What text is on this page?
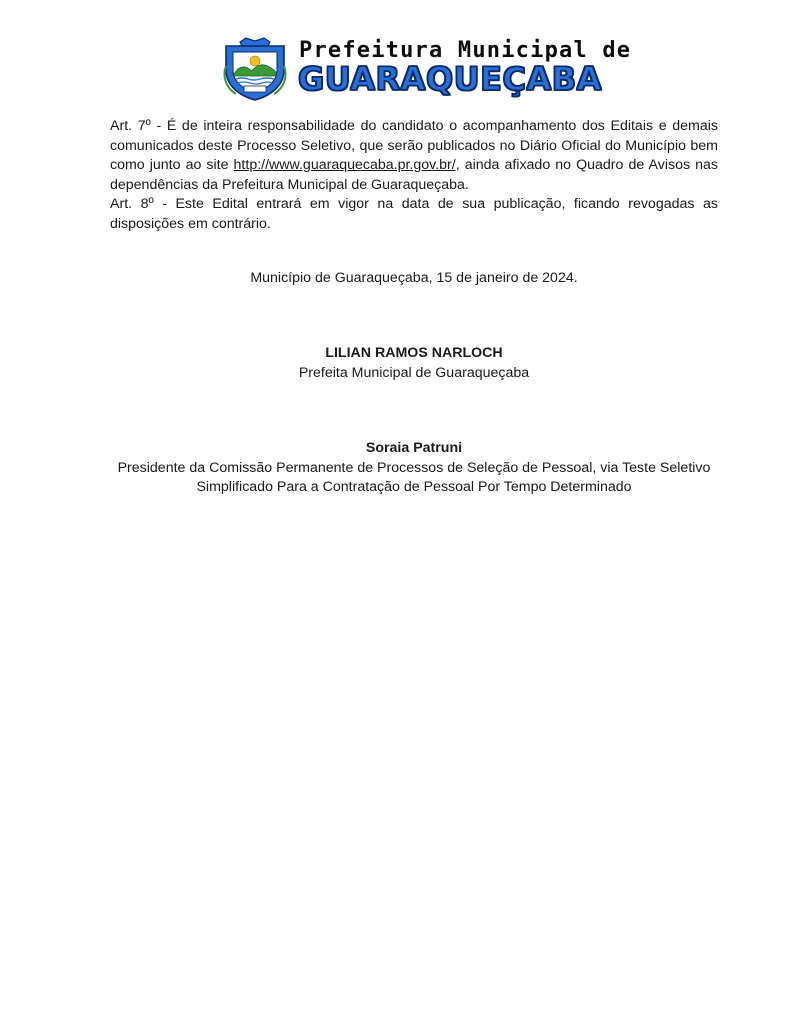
Prefeitura Municipal de
GUARAQUEÇABA

Art. 7º - É de inteira responsabilidade do candidato o acompanhamento dos Editais e demais comunicados deste Processo Seletivo, que serão publicados no Diário Oficial do Município bem como junto ao site http://www.guaraquecaba.pr.gov.br/, ainda afixado no Quadro de Avisos nas dependências da Prefeitura Municipal de Guaraqueçaba.

Art. 8º - Este Edital entrará em vigor na data de sua publicação, ficando revogadas as disposições em contrário.

Município de Guaraqueçaba, 15 de janeiro de 2024.
LILIAN RAMOS NARLOCH
Prefeita Municipal de Guaraqueçaba
Soraia Patruni
Presidente da Comissão Permanente de Processos de Seleção de Pessoal, via Teste Seletivo
Simplificado Para a Contratação de Pessoal Por Tempo Determinado
